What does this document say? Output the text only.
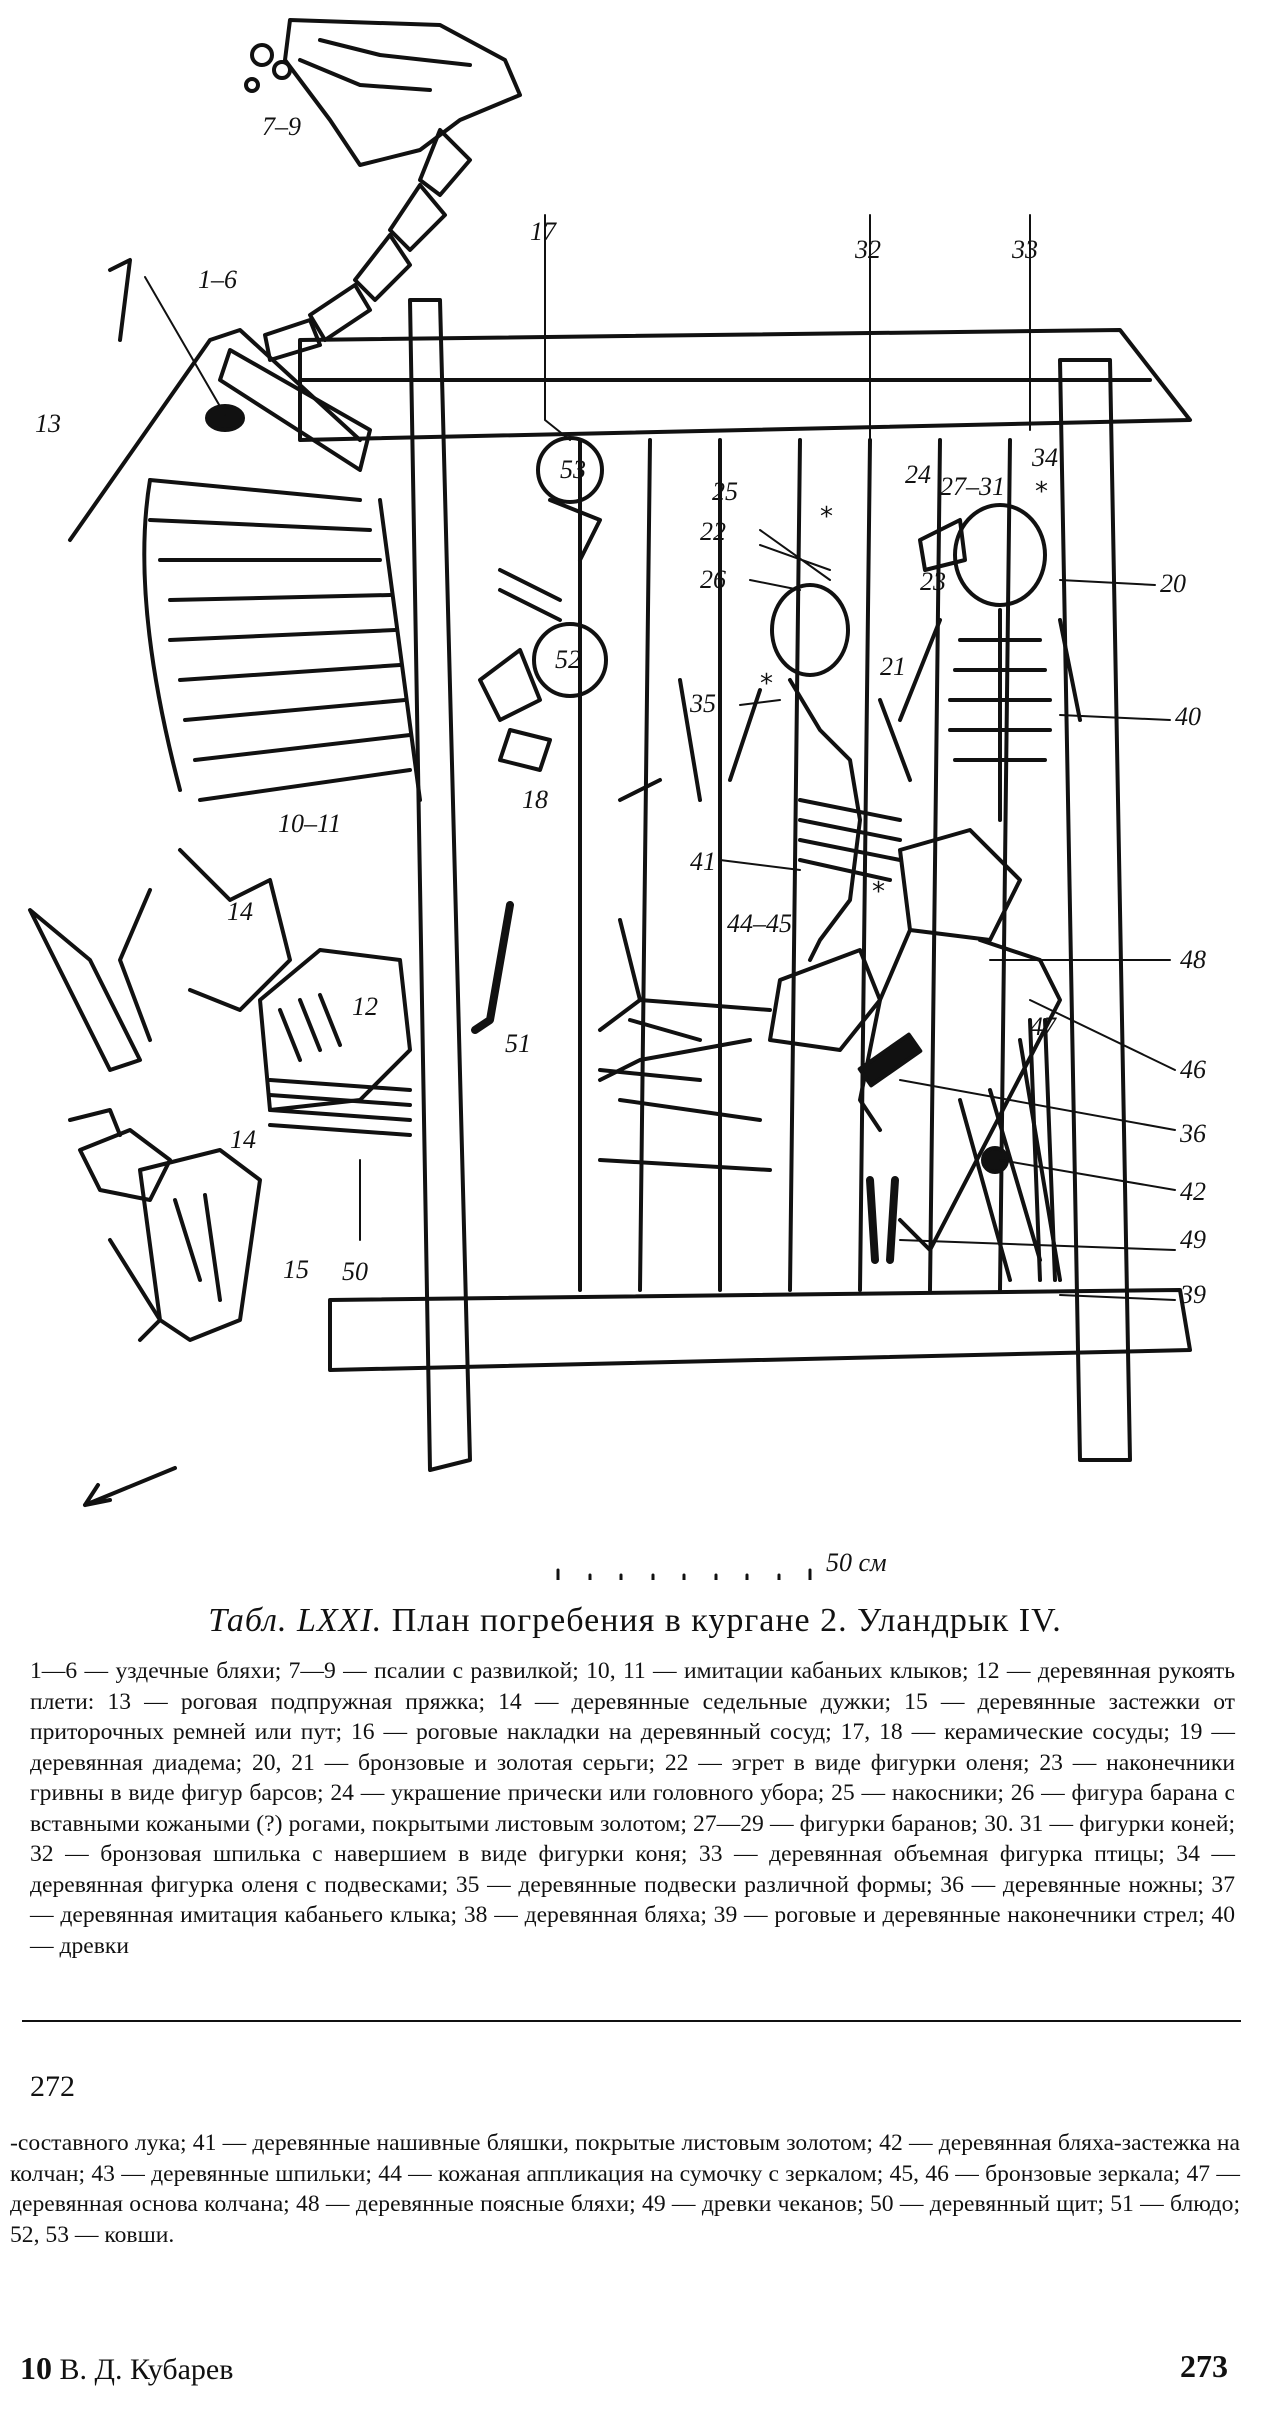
7–9
1–6
13
17
32	33
53
25
22
26
24 27–31
34
23	20
52	21
35	40
18
10–11
41
14	44–45
48
12
51
47
46
14	36
42
15 50
49
39
*
*
*
*
50 см
Табл. LXXI. План погребения в кургане 2. Уландрык IV.
1—6 — уздечные бляхи; 7—9 — псалии с развилкой; 10, 11 — имитации кабаньих клыков; 12 — деревянная рукоять плети: 13 — роговая подпружная пряжка; 14 — деревянные седельные дужки; 15 — деревянные застежки от приторочных ремней или пут; 16 — роговые накладки на деревянный сосуд; 17, 18 — керамические сосуды; 19 — деревянная диадема; 20, 21 — бронзовые и золотая серьги; 22 — эгрет в виде фигурки оленя; 23 — наконечники гривны в виде фигур барсов; 24 — украшение прически или головного убора; 25 — накосники; 26 — фигура барана с вставными кожаными (?) рогами, покрытыми листовым золотом; 27—29 — фигурки баранов; 30. 31 — фигурки коней; 32 — бронзовая шпилька с навершием в виде фигурки коня; 33 — деревянная объемная фигурка птицы; 34 — деревянная фигурка оленя с подвесками; 35 — деревянные подвески различной формы; 36 — деревянные ножны; 37 — деревянная имитация кабаньего клыка; 38 — деревянная бляха; 39 — роговые и деревянные наконечники стрел; 40 — древки
272
-составного лука; 41 — деревянные нашивные бляшки, покрытые листовым золотом; 42 — деревянная бляха-застежка на колчан; 43 — деревянные шпильки; 44 — кожаная аппликация на сумочку с зеркалом; 45, 46 — бронзовые зеркала; 47 — деревянная основа колчана; 48 — деревянные поясные бляхи; 49 — древки чеканов; 50 — деревянный щит; 51 — блюдо; 52, 53 — ковши.
10 В. Д. Кубарев	273
